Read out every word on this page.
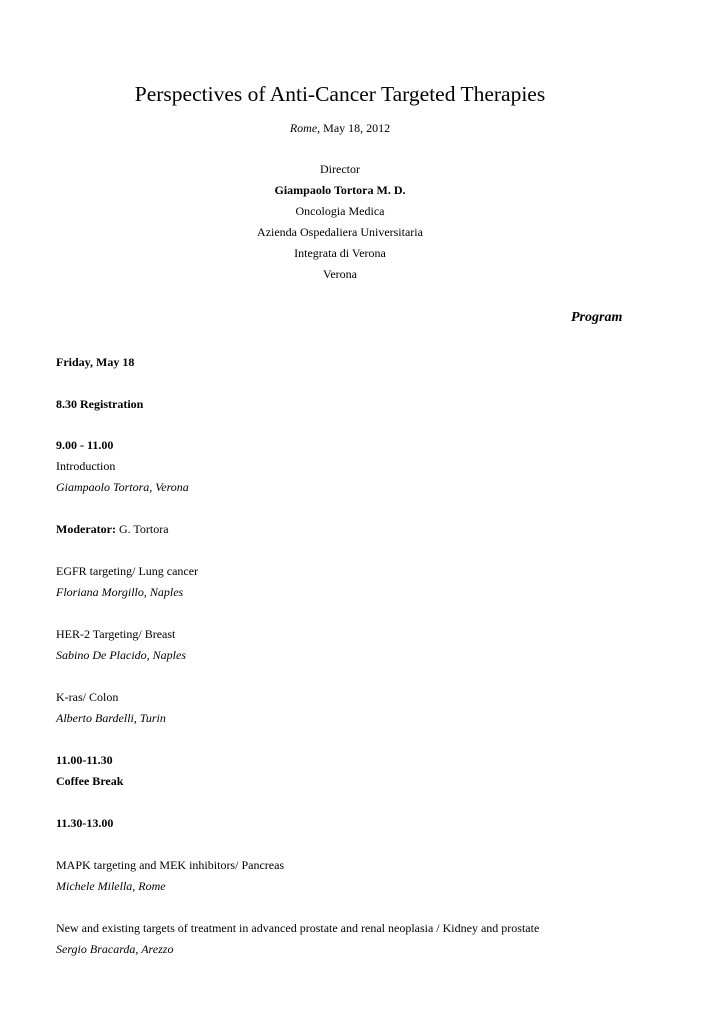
Perspectives of Anti-Cancer Targeted Therapies
Rome, May 18, 2012
Director
Giampaolo Tortora M. D.
Oncologia Medica
Azienda Ospedaliera Universitaria
Integrata di Verona
Verona
Program
Friday, May 18
8.30 Registration
9.00 - 11.00
Introduction
Giampaolo Tortora, Verona
Moderator: G. Tortora
EGFR targeting/ Lung cancer
Floriana Morgillo, Naples
HER-2 Targeting/ Breast
Sabino De Placido, Naples
K-ras/ Colon
Alberto Bardelli, Turin
11.00-11.30
Coffee Break
11.30-13.00
MAPK targeting and MEK inhibitors/ Pancreas
Michele Milella, Rome
New and existing targets of treatment in advanced prostate and renal neoplasia / Kidney and prostate
Sergio Bracarda, Arezzo
